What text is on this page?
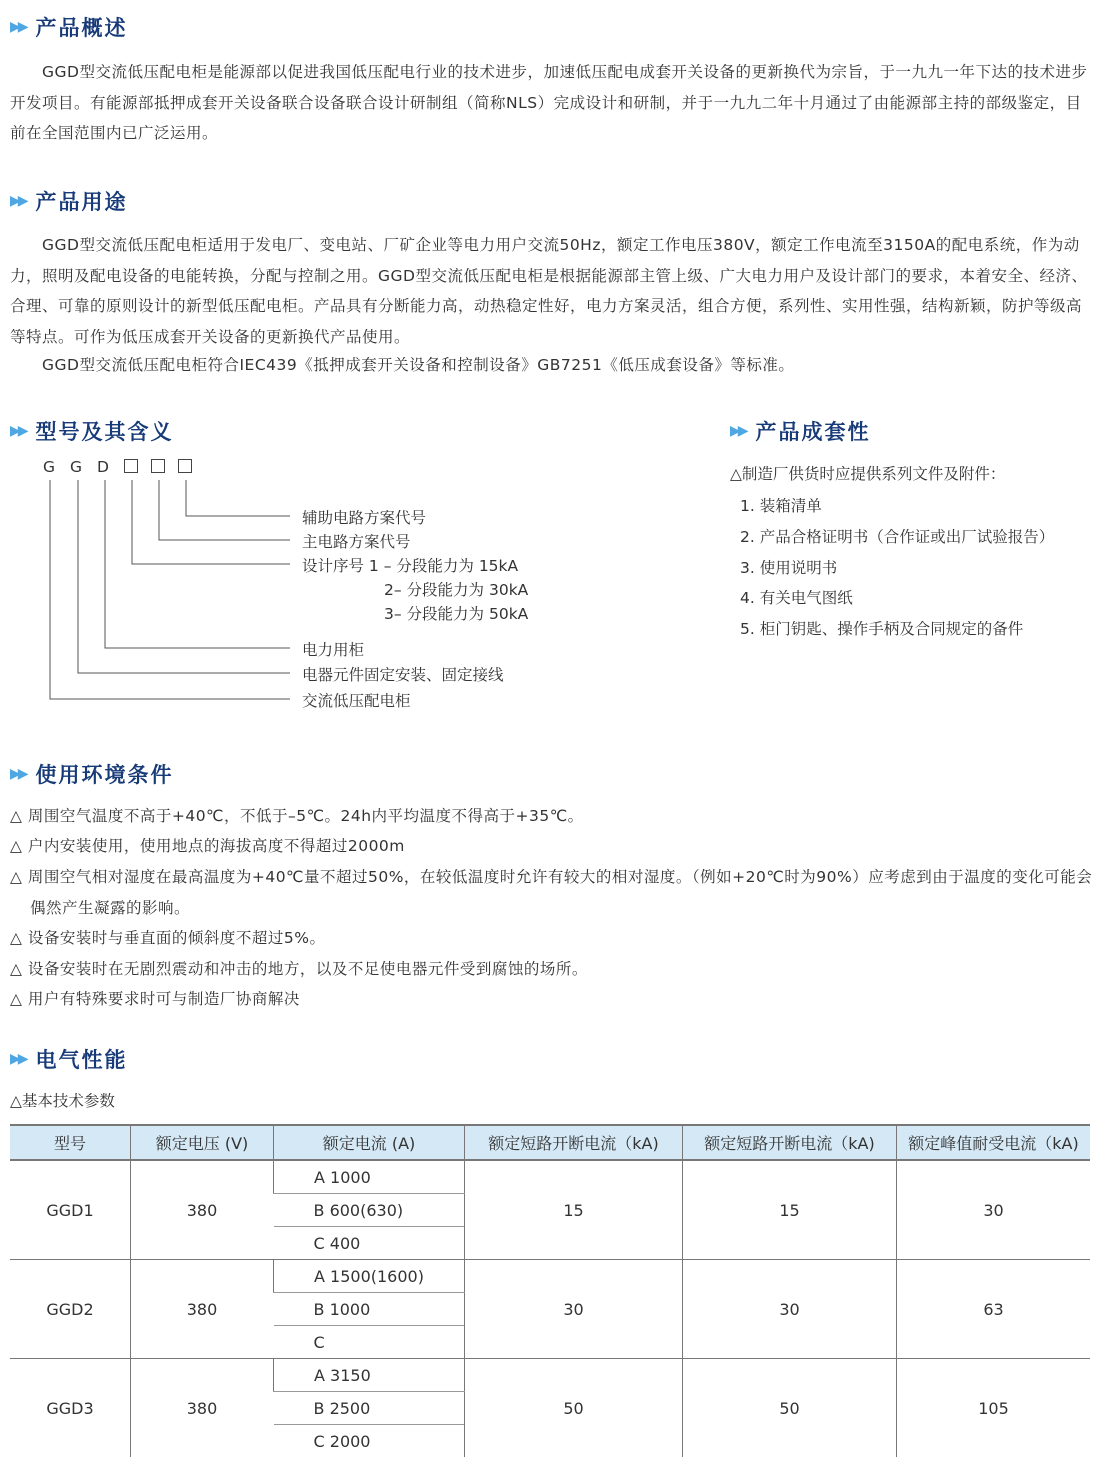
▶▶ 产品概述
GGD型交流低压配电柜是能源部以促进我国低压配电行业的技术进步，加速低压配电成套开关设备的更新换代为宗旨，于一九九一年下达的技术进步开发项目。有能源部抵押成套开关设备联合设备联合设计研制组（简称NLS）完成设计和研制，并于一九九二年十月通过了由能源部主持的部级鉴定，目前在全国范围内已广泛运用。
▶▶ 产品用途
GGD型交流低压配电柜适用于发电厂、变电站、厂矿企业等电力用户交流50Hz，额定工作电压380V，额定工作电流至3150A的配电系统，作为动力，照明及配电设备的电能转换，分配与控制之用。GGD型交流低压配电柜是根据能源部主管上级、广大电力用户及设计部门的要求，本着安全、经济、合理、可靠的原则设计的新型低压配电柜。产品具有分断能力高，动热稳定性好，电力方案灵活，组合方便，系列性、实用性强，结构新颖，防护等级高等特点。可作为低压成套开关设备的更新换代产品使用。
GGD型交流低压配电柜符合IEC439《抵押成套开关设备和控制设备》GB7251《低压成套设备》等标准。
▶▶ 型号及其含义
G G D
辅助电路方案代号
主电路方案代号
设计序号 1 – 分段能力为 15kA
2– 分段能力为 30kA
3– 分段能力为 50kA
电力用柜
电器元件固定安装、固定接线
交流低压配电柜
▶▶ 产品成套性
△制造厂供货时应提供系列文件及附件：
1. 装箱清单
2. 产品合格证明书（合作证或出厂试验报告）
3. 使用说明书
4. 有关电气图纸
5. 柜门钥匙、操作手柄及合同规定的备件
▶▶ 使用环境条件
△ 周围空气温度不高于+40℃，不低于–5℃。24h内平均温度不得高于+35℃。
△ 户内安装使用，使用地点的海拔高度不得超过2000m
△ 周围空气相对湿度在最高温度为+40℃量不超过50%，在较低温度时允许有较大的相对湿度。（例如+20℃时为90%）应考虑到由于温度的变化可能会偶然产生凝露的影响。
△ 设备安装时与垂直面的倾斜度不超过5%。
△ 设备安装时在无剧烈震动和冲击的地方，以及不足使电器元件受到腐蚀的场所。
△ 用户有特殊要求时可与制造厂协商解决
▶▶ 电气性能
△基本技术参数
型号	额定电压 (V)	额定电流 (A)	额定短路开断电流（kA)	额定短路开断电流（kA)	额定峰值耐受电流（kA)
GGD1	380	A 1000	15	15	30
		B 600(630)			
		C 400			
GGD2	380	A 1500(1600)	30	30	63
		B 1000			
		C			
GGD3	380	A 3150	50	50	105
		B 2500			
		C 2000			
